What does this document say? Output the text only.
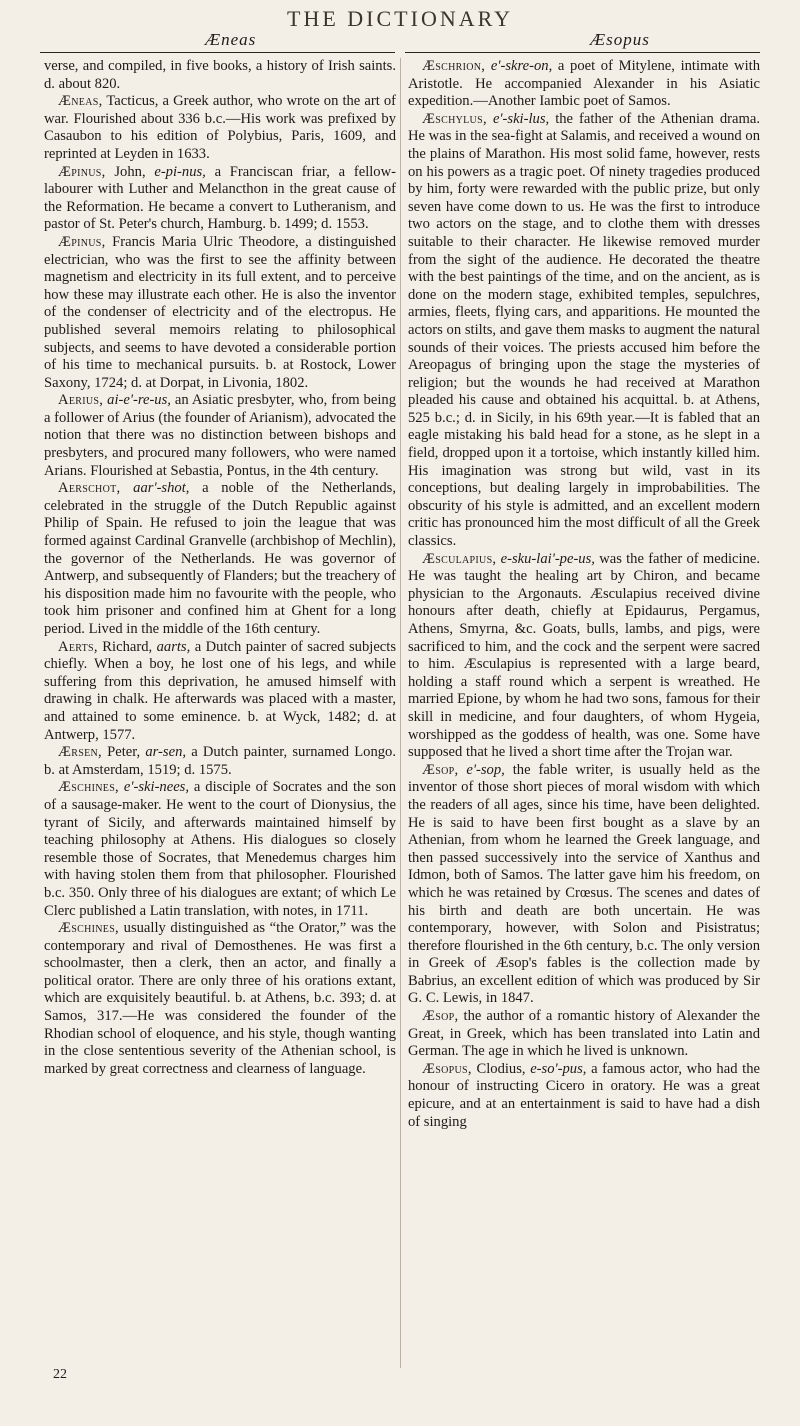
THE DICTIONARY
Æneas	Æsopus

verse, and compiled, in five books, a history of Irish saints. d. about 820.

Æneas, Tacticus, a Greek author, who wrote on the art of war. Flourished about 336 b.c.—His work was prefixed by Casaubon to his edition of Polybius, Paris, 1609, and reprinted at Leyden in 1633.

Æpinus, John, e-pi-nus, a Franciscan friar, a fellow-labourer with Luther and Melancthon in the great cause of the Reformation. He became a convert to Lutheranism, and pastor of St. Peter's church, Hamburg. b. 1499; d. 1553.

Æpinus, Francis Maria Ulric Theodore, a distinguished electrician, who was the first to see the affinity between magnetism and electricity in its full extent, and to perceive how these may illustrate each other. He is also the inventor of the condenser of electricity and of the electropus. He published several memoirs relating to philosophical subjects, and seems to have devoted a considerable portion of his time to mechanical pursuits. b. at Rostock, Lower Saxony, 1724; d. at Dorpat, in Livonia, 1802.

Aerius, ai-e'-re-us, an Asiatic presbyter, who, from being a follower of Arius (the founder of Arianism), advocated the notion that there was no distinction between bishops and presbyters, and procured many followers, who were named Arians. Flourished at Sebastia, Pontus, in the 4th century.

Aerschot, aar'-shot, a noble of the Netherlands, celebrated in the struggle of the Dutch Republic against Philip of Spain. He refused to join the league that was formed against Cardinal Granvelle (archbishop of Mechlin), the governor of the Netherlands. He was governor of Antwerp, and subsequently of Flanders; but the treachery of his disposition made him no favourite with the people, who took him prisoner and confined him at Ghent for a long period. Lived in the middle of the 16th century.

Aerts, Richard, aarts, a Dutch painter of sacred subjects chiefly. When a boy, he lost one of his legs, and while suffering from this deprivation, he amused himself with drawing in chalk. He afterwards was placed with a master, and attained to some eminence. b. at Wyck, 1482; d. at Antwerp, 1577.

Ærsen, Peter, ar-sen, a Dutch painter, surnamed Longo. b. at Amsterdam, 1519; d. 1575.

Æschines, e'-ski-nees, a disciple of Socrates and the son of a sausage-maker. He went to the court of Dionysius, the tyrant of Sicily, and afterwards maintained himself by teaching philosophy at Athens. His dialogues so closely resemble those of Socrates, that Menedemus charges him with having stolen them from that philosopher. Flourished b.c. 350. Only three of his dialogues are extant; of which Le Clerc published a Latin translation, with notes, in 1711.

Æschines, usually distinguished as “the Orator,” was the contemporary and rival of Demosthenes. He was first a schoolmaster, then a clerk, then an actor, and finally a political orator. There are only three of his orations extant, which are exquisitely beautiful. b. at Athens, b.c. 393; d. at Samos, 317.—He was considered the founder of the Rhodian school of eloquence, and his style, though wanting in the close sententious severity of the Athenian school, is marked by great correctness and clearness of language.

Æschrion, e'-skre-on, a poet of Mitylene, intimate with Aristotle. He accompanied Alexander in his Asiatic expedition.—Another Iambic poet of Samos.

Æschylus, e'-ski-lus, the father of the Athenian drama. He was in the sea-fight at Salamis, and received a wound on the plains of Marathon. His most solid fame, however, rests on his powers as a tragic poet. Of ninety tragedies produced by him, forty were rewarded with the public prize, but only seven have come down to us. He was the first to introduce two actors on the stage, and to clothe them with dresses suitable to their character. He likewise removed murder from the sight of the audience. He decorated the theatre with the best paintings of the time, and on the ancient, as is done on the modern stage, exhibited temples, sepulchres, armies, fleets, flying cars, and apparitions. He mounted the actors on stilts, and gave them masks to augment the natural sounds of their voices. The priests accused him before the Areopagus of bringing upon the stage the mysteries of religion; but the wounds he had received at Marathon pleaded his cause and obtained his acquittal. b. at Athens, 525 b.c.; d. in Sicily, in his 69th year.—It is fabled that an eagle mistaking his bald head for a stone, as he slept in a field, dropped upon it a tortoise, which instantly killed him. His imagination was strong but wild, vast in its conceptions, but dealing largely in improbabilities. The obscurity of his style is admitted, and an excellent modern critic has pronounced him the most difficult of all the Greek classics.

Æsculapius, e-sku-lai'-pe-us, was the father of medicine. He was taught the healing art by Chiron, and became physician to the Argonauts. Æsculapius received divine honours after death, chiefly at Epidaurus, Pergamus, Athens, Smyrna, &c. Goats, bulls, lambs, and pigs, were sacrificed to him, and the cock and the serpent were sacred to him. Æsculapius is represented with a large beard, holding a staff round which a serpent is wreathed. He married Epione, by whom he had two sons, famous for their skill in medicine, and four daughters, of whom Hygeia, worshipped as the goddess of health, was one. Some have supposed that he lived a short time after the Trojan war.

Æsop, e'-sop, the fable writer, is usually held as the inventor of those short pieces of moral wisdom with which the readers of all ages, since his time, have been delighted. He is said to have been first bought as a slave by an Athenian, from whom he learned the Greek language, and then passed successively into the service of Xanthus and Idmon, both of Samos. The latter gave him his freedom, on which he was retained by Crœsus. The scenes and dates of his birth and death are both uncertain. He was contemporary, however, with Solon and Pisistratus; therefore flourished in the 6th century, b.c. The only version in Greek of Æsop's fables is the collection made by Babrius, an excellent edition of which was produced by Sir G. C. Lewis, in 1847.

Æsop, the author of a romantic history of Alexander the Great, in Greek, which has been translated into Latin and German. The age in which he lived is unknown.

Æsopus, Clodius, e-so'-pus, a famous actor, who had the honour of instructing Cicero in oratory. He was a great epicure, and at an entertainment is said to have had a dish of singing

22
